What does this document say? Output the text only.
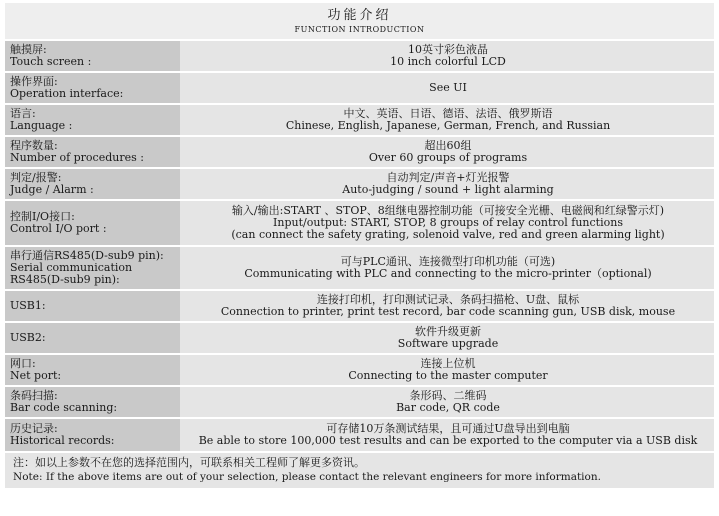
功能介绍
FUNCTION INTRODUCTION
触摸屏:
Touch screen :	10英寸彩色液晶
10 inch colorful LCD

操作界面:
Operation interface:	See UI

语言:
Language :	中文、英语、日语、德语、法语、俄罗斯语
Chinese, English, Japanese, German, French, and Russian

程序数量:
Number of procedures :	超出60组
Over 60 groups of programs

判定/报警:
Judge / Alarm :	自动判定/声音+灯光报警
Auto-judging / sound + light alarming

控制I/O接口:
Control I/O port :	输入/输出:START 、STOP、8组继电器控制功能（可接安全光栅、电磁阀和红绿警示灯)
Input/output: START, STOP, 8 groups of relay control functions
(can connect the safety grating, solenoid valve, red and green alarming light)

串行通信RS485(D-sub9 pin):
Serial communication
RS485(D-sub9 pin):	可与PLC通讯、连接微型打印机功能（可选)
Communicating with PLC and connecting to the micro-printer（optional)

USB1:	连接打印机，打印测试记录、条码扫描枪、U盘、鼠标
Connection to printer, print test record, bar code scanning gun, USB disk, mouse

USB2:	软件升级更新
Software upgrade

网口:
Net port:	连接上位机
Connecting to the master computer

条码扫描:
Bar code scanning:	条形码、二维码
Bar code, QR code

历史记录:
Historical records:	可存储10万条测试结果，且可通过U盘导出到电脑
Be able to store 100,000 test results and can be exported to the computer via a USB disk
注：如以上参数不在您的选择范围内，可联系相关工程师了解更多资讯。
Note: If the above items are out of your selection, please contact the relevant engineers for more information.
